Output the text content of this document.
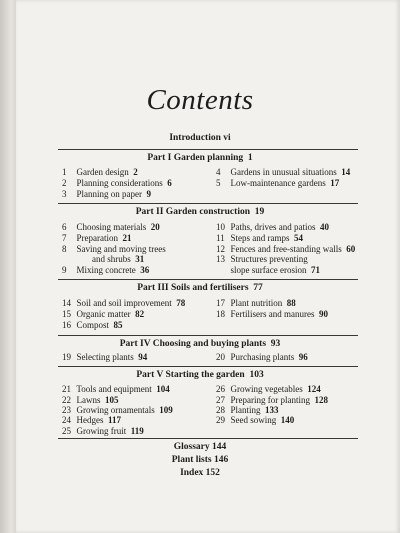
Contents
Introduction vi
Part I Garden planning 1
1 Garden design 2
2 Planning considerations 6
3 Planning on paper 9
4 Gardens in unusual situations 14
5 Low-maintenance gardens 17
Part II Garden construction 19
6 Choosing materials 20
7 Preparation 21
8 Saving and moving trees
and shrubs 31
9 Mixing concrete 36
10 Paths, drives and patios 40
11 Steps and ramps 54
12 Fences and free-standing walls 60
13 Structures preventing
slope surface erosion 71
Part III Soils and fertilisers 77
14 Soil and soil improvement 78
15 Organic matter 82
16 Compost 85
17 Plant nutrition 88
18 Fertilisers and manures 90
Part IV Choosing and buying plants 93
19 Selecting plants 94	20 Purchasing plants 96
Part V Starting the garden 103
21 Tools and equipment 104
22 Lawns 105
23 Growing ornamentals 109
24 Hedges 117
25 Growing fruit 119
26 Growing vegetables 124
27 Preparing for planting 128
28 Planting 133
29 Seed sowing 140
Glossary 144
Plant lists 146
Index 152
